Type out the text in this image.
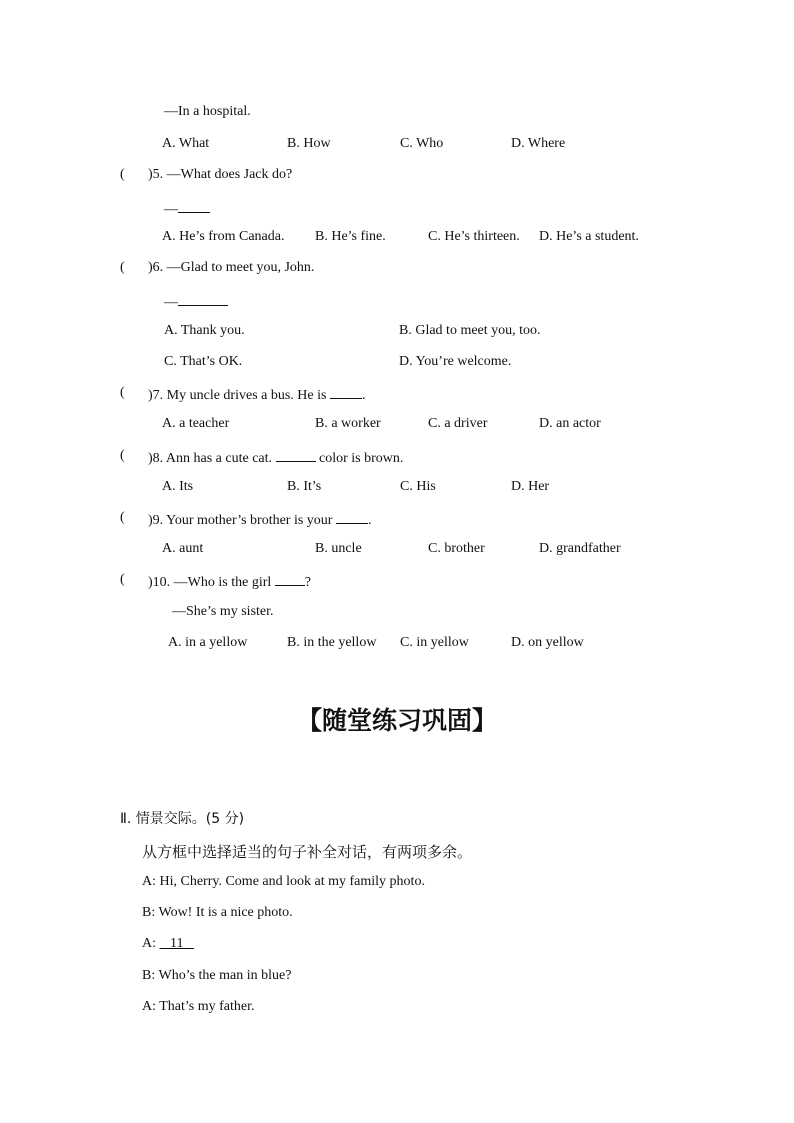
—In a hospital.
A. What	B. How	C. Who	D. Where
( )5. —What does Jack do?
—
A. He’s from Canada. B. He’s fine.	C. He’s thirteen. D. He’s a student.
( )6. —Glad to meet you, John.
—
A. Thank you.	B. Glad to meet you, too.
C. That’s OK.	D. You’re welcome.
( )7. My uncle drives a bus. He is .
A. a teacher	B. a worker	C. a driver	D. an actor
( )8. Ann has a cute cat.	color is brown.
A. Its	B. It’s	C. His	D. Her
( )9. Your mother’s brother is your .
A. aunt	B. uncle	C. brother	D. grandfather
( )10. —Who is the girl ?
—She’s my sister.
A. in a yellow	B. in the yellow C. in yellow	D. on yellow
【随堂练习巩固】
Ⅱ. 情景交际。(5 分)
从方框中选择适当的句子补全对话，有两项多余。
A: Hi, Cherry. Come and look at my family photo.
B: Wow! It is a nice photo.
A:    11
B: Who’s the man in blue?
A: That’s my father.
